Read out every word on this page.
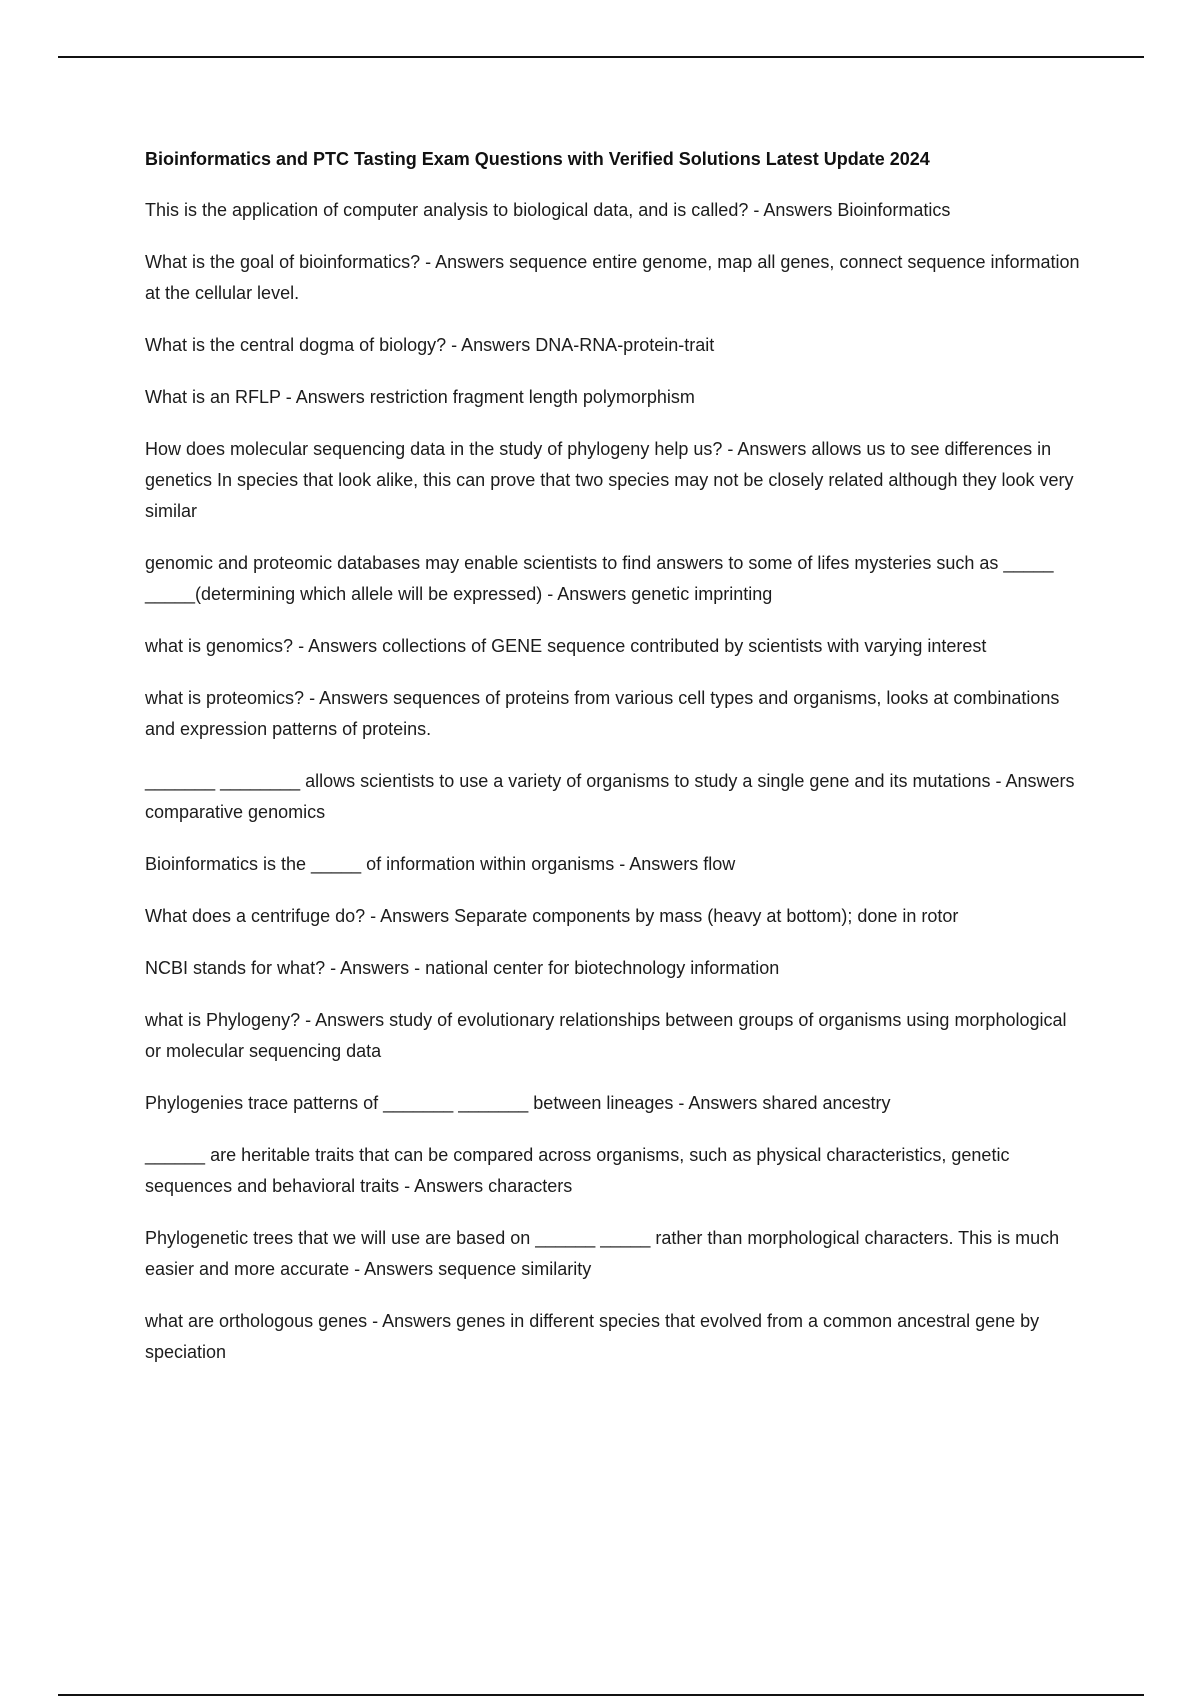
Bioinformatics and PTC Tasting Exam Questions with Verified Solutions Latest Update 2024

This is the application of computer analysis to biological data, and is called? - Answers Bioinformatics

What is the goal of bioinformatics? - Answers sequence entire genome, map all genes, connect sequence information at the cellular level.

What is the central dogma of biology? - Answers DNA-RNA-protein-trait

What is an RFLP - Answers restriction fragment length polymorphism

How does molecular sequencing data in the study of phylogeny help us? - Answers allows us to see differences in genetics In species that look alike, this can prove that two species may not be closely related although they look very similar

genomic and proteomic databases may enable scientists to find answers to some of lifes mysteries such as _____ _____(determining which allele will be expressed) - Answers genetic imprinting

what is genomics? - Answers collections of GENE sequence contributed by scientists with varying interest

what is proteomics? - Answers sequences of proteins from various cell types and organisms, looks at combinations and expression patterns of proteins.

_______ ________ allows scientists to use a variety of organisms to study a single gene and its mutations - Answers comparative genomics

Bioinformatics is the _____ of information within organisms - Answers flow

What does a centrifuge do? - Answers Separate components by mass (heavy at bottom); done in rotor

NCBI stands for what? - Answers - national center for biotechnology information

what is Phylogeny? - Answers study of evolutionary relationships between groups of organisms using morphological or molecular sequencing data

Phylogenies trace patterns of _______ _______ between lineages - Answers shared ancestry

______ are heritable traits that can be compared across organisms, such as physical characteristics, genetic sequences and behavioral traits - Answers characters

Phylogenetic trees that we will use are based on ______ _____ rather than morphological characters. This is much easier and more accurate - Answers sequence similarity

what are orthologous genes - Answers genes in different species that evolved from a common ancestral gene by speciation
